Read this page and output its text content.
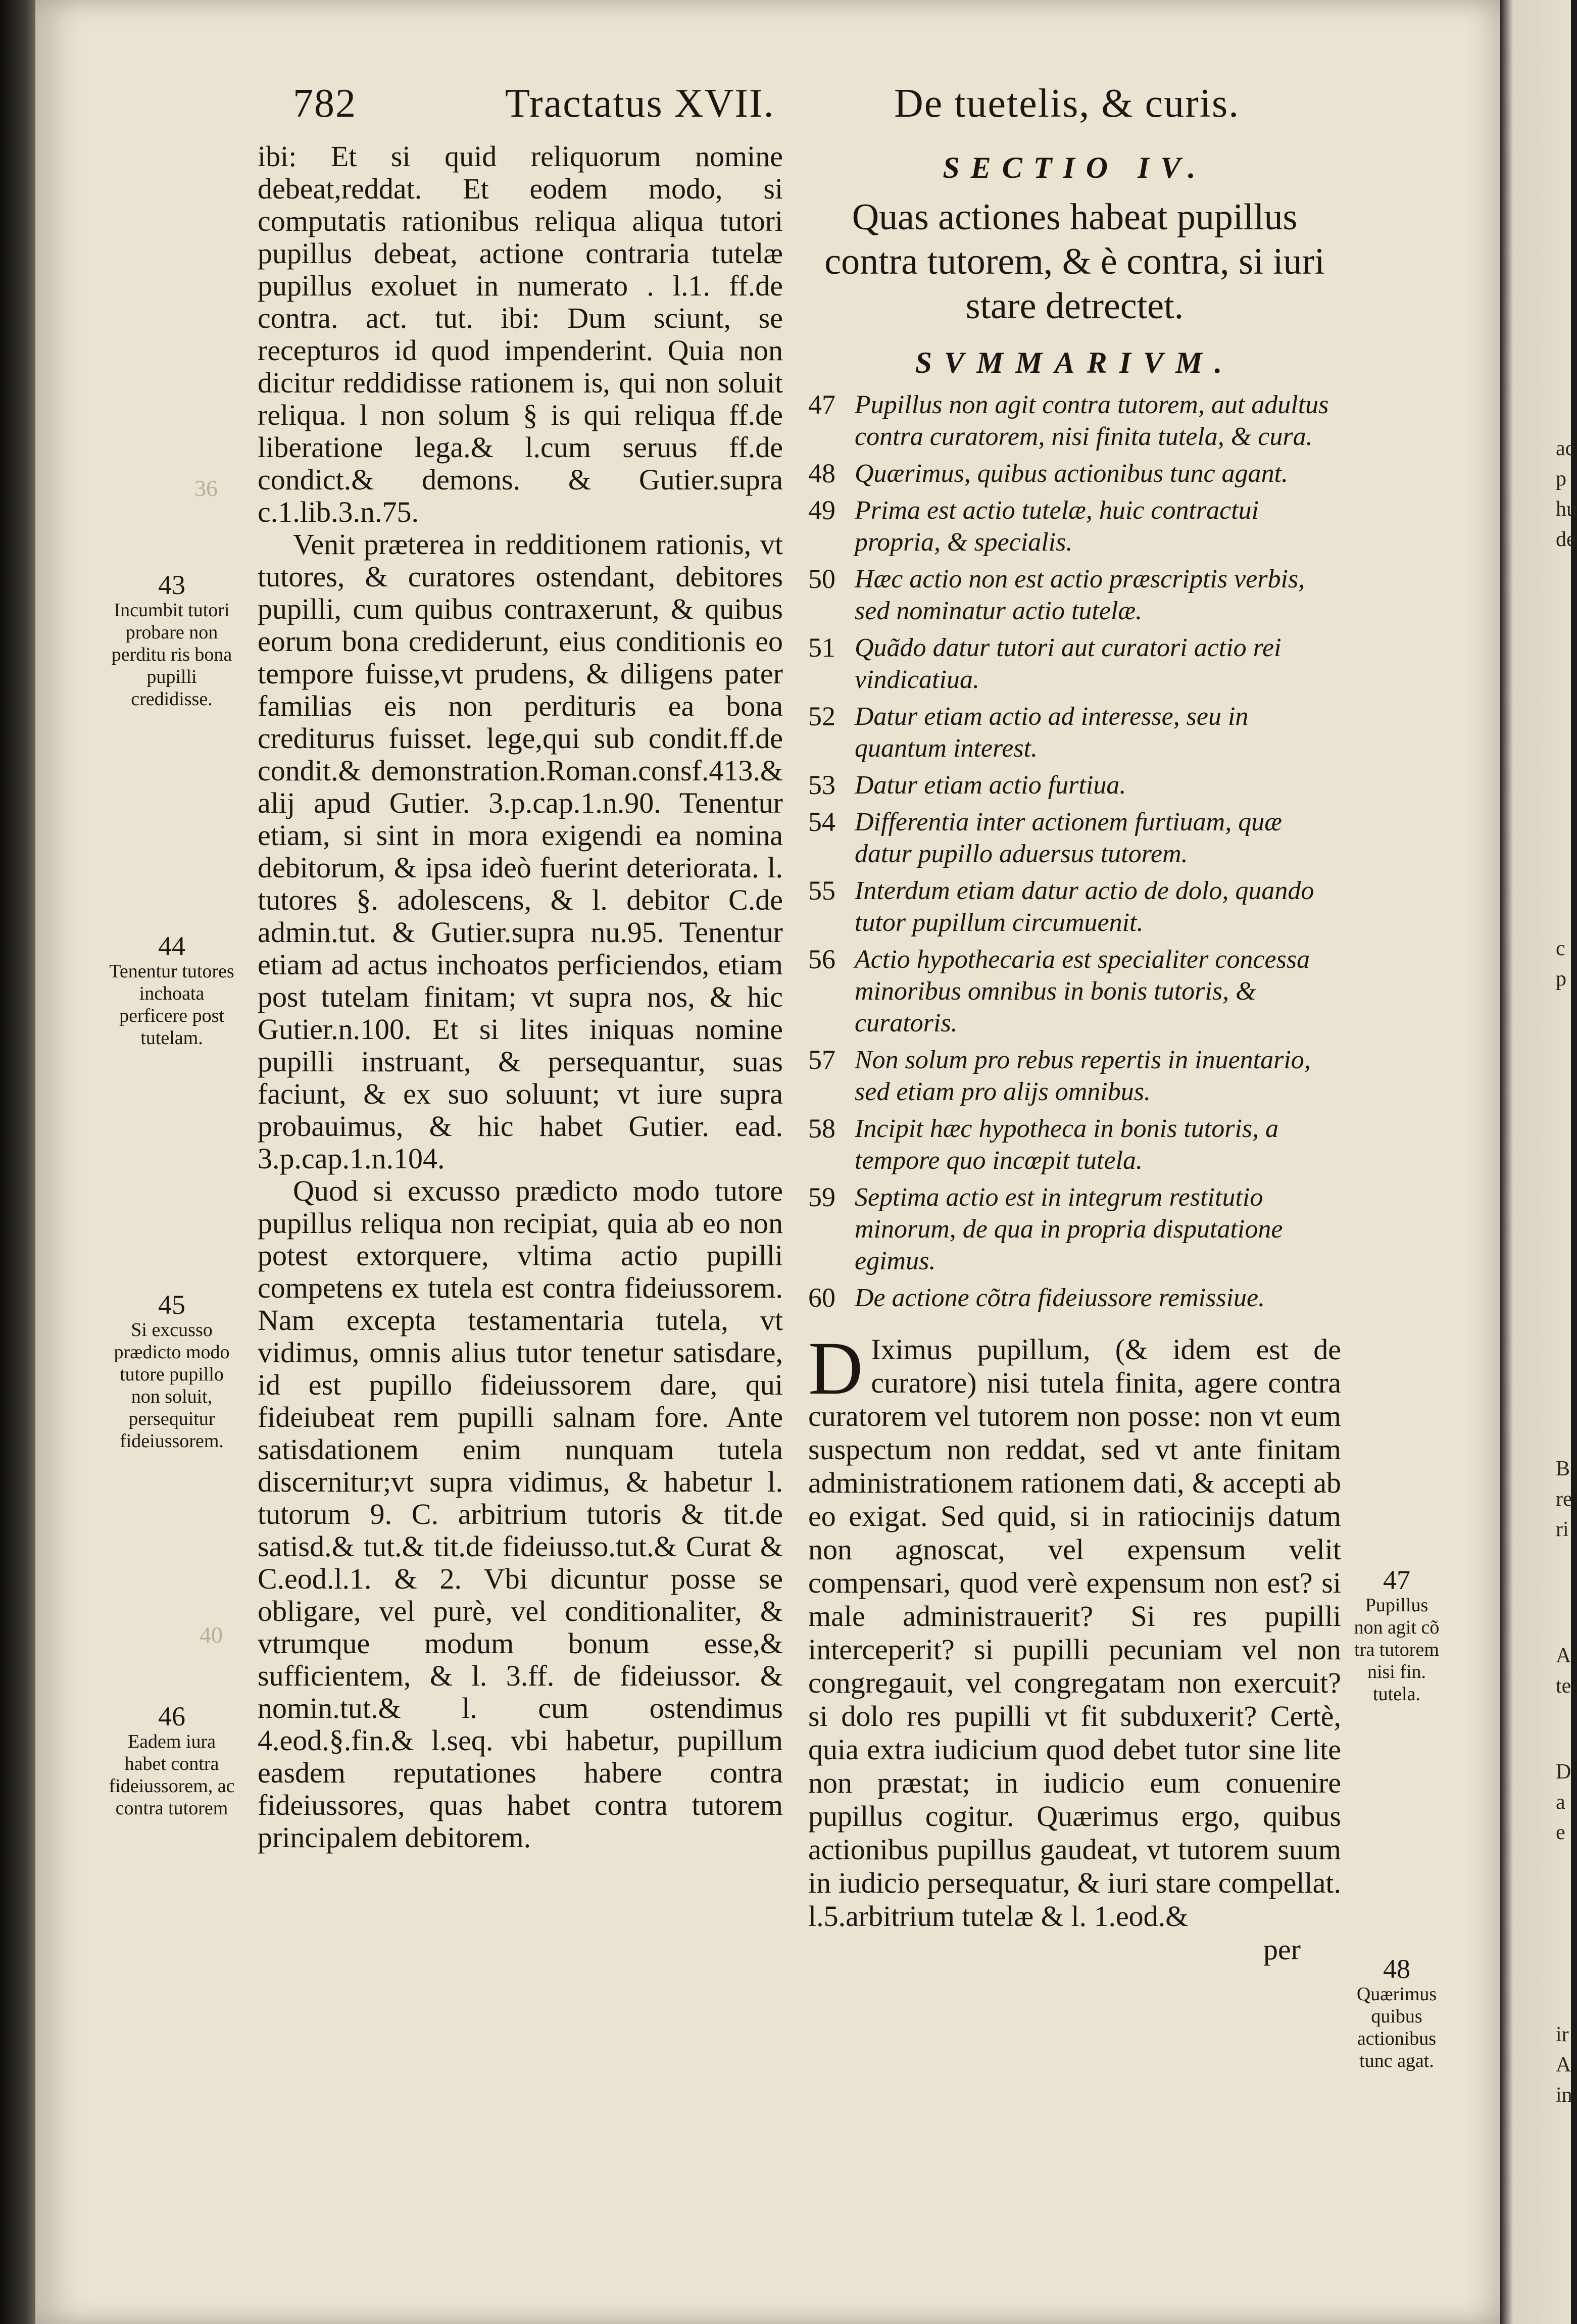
782	Tractatus XVII.	De tuetelis, & curis.
36
40
43
Incumbit tutori probare non perditu ris bona pupilli credidisse.
44
Tenentur tutores inchoata perficere post tutelam.
45
Si excusso prædicto modo tutore pupillo non soluit, persequitur fideiussorem.
46
Eadem iura habet contra fideiussorem, ac contra tutorem

ibi: Et si quid reliquorum nomine debeat,reddat. Et eodem modo, si computatis rationibus reliqua aliqua tutori pupillus debeat, actione contraria tutelæ pupillus exoluet in numerato . l.1. ff.de contra. act. tut. ibi: Dum sciunt, se recepturos id quod impenderint. Quia non dicitur reddidisse rationem is, qui non soluit reliqua. l non solum § is qui reliqua ff.de liberatione lega.& l.cum seruus ff.de condict.& demons. & Gutier.supra c.1.lib.3.n.75.

Venit præterea in redditionem rationis, vt tutores, & curatores ostendant, debitores pupilli, cum quibus contraxerunt, & quibus eorum bona crediderunt, eius conditionis eo tempore fuisse,vt prudens, & diligens pater familias eis non perdituris ea bona crediturus fuisset. lege,qui sub condit.ff.de condit.& demonstration.Roman.consf.413.& alij apud Gutier. 3.p.cap.1.n.90. Tenentur etiam, si sint in mora exigendi ea nomina debitorum, & ipsa ideò fuerint deteriorata. l. tutores §. adolescens, & l. debitor C.de admin.tut. & Gutier.supra nu.95. Tenentur etiam ad actus inchoatos perficiendos, etiam post tutelam finitam; vt supra nos, & hic Gutier.n.100. Et si lites iniquas nomine pupilli instruant, & persequantur, suas faciunt, & ex suo soluunt; vt iure supra probauimus, & hic habet Gutier. ead. 3.p.cap.1.n.104.

Quod si excusso prædicto modo tutore pupillus reliqua non recipiat, quia ab eo non potest extorquere, vltima actio pupilli competens ex tutela est contra fideiussorem. Nam excepta testamentaria tutela, vt vidimus, omnis alius tutor tenetur satisdare, id est pupillo fideiussorem dare, qui fideiubeat rem pupilli salnam fore. Ante satisdationem enim nunquam tutela discernitur;vt supra vidimus, & habetur l. tutorum 9. C. arbitrium tutoris & tit.de satisd.& tut.& tit.de fideiusso.tut.& Curat & C.eod.l.1. & 2. Vbi dicuntur posse se obligare, vel purè, vel conditionaliter, & vtrumque modum bonum esse,& sufficientem, & l. 3.ff. de fideiussor. & nomin.tut.& l. cum ostendimus 4.eod.§.fin.& l.seq. vbi habetur, pupillum easdem reputationes habere contra fideiussores, quas habet contra tutorem principalem debitorem.

SECTIO IV.
Quas actiones habeat pupillus contra tutorem, & è contra, si iuri stare detrectet.
SVMMARIVM.
47 Pupillus non agit contra tutorem, aut adultus contra curatorem, nisi finita tutela, & cura.
48 Quærimus, quibus actionibus tunc agant.
49 Prima est actio tutelæ, huic contractui propria, & specialis.
50 Hæc actio non est actio præscriptis verbis, sed nominatur actio tutelæ.
51 Quãdo datur tutori aut curatori actio rei vindicatiua.
52 Datur etiam actio ad interesse, seu in quantum interest.
53 Datur etiam actio furtiua.
54 Differentia inter actionem furtiuam, quæ datur pupillo aduersus tutorem.
55 Interdum etiam datur actio de dolo, quando tutor pupillum circumuenit.
56 Actio hypothecaria est specialiter concessa minoribus omnibus in bonis tutoris, & curatoris.
57 Non solum pro rebus repertis in inuentario, sed etiam pro alijs omnibus.
58 Incipit hæc hypotheca in bonis tutoris, a tempore quo incœpit tutela.
59 Septima actio est in integrum restitutio minorum, de qua in propria disputatione egimus.
60 De actione cõtra fideiussore remissiue.
D Iximus pupillum, (& idem est de curatore) nisi tutela finita, agere contra curatorem vel tutorem non posse: non vt eum suspectum non reddat, sed vt ante finitam administrationem rationem dati, & accepti ab eo exigat. Sed quid, si in ratiocinijs datum non agnoscat, vel expensum velit compensari, quod verè expensum non est? si male administrauerit? Si res pupilli interceperit? si pupilli pecuniam vel non congregauit, vel congregatam non exercuit? si dolo res pupilli vt fit subduxerit? Certè, quia extra iudicium quod debet tutor sine lite non præstat; in iudicio eum conuenire pupillus cogitur. Quærimus ergo, quibus actionibus pupillus gaudeat, vt tutorem suum in iudicio persequatur, & iuri stare compellat. l.5.arbitrium tutelæ & l. 1.eod.&
per
47
Pupillus non agit cõ tra tutorem nisi fin. tutela.
48
Quærimus quibus actionibus tunc agat.
ac
p
hu
de
c
p
B
re
ri
A
te
D
a
e
ir
A
in
